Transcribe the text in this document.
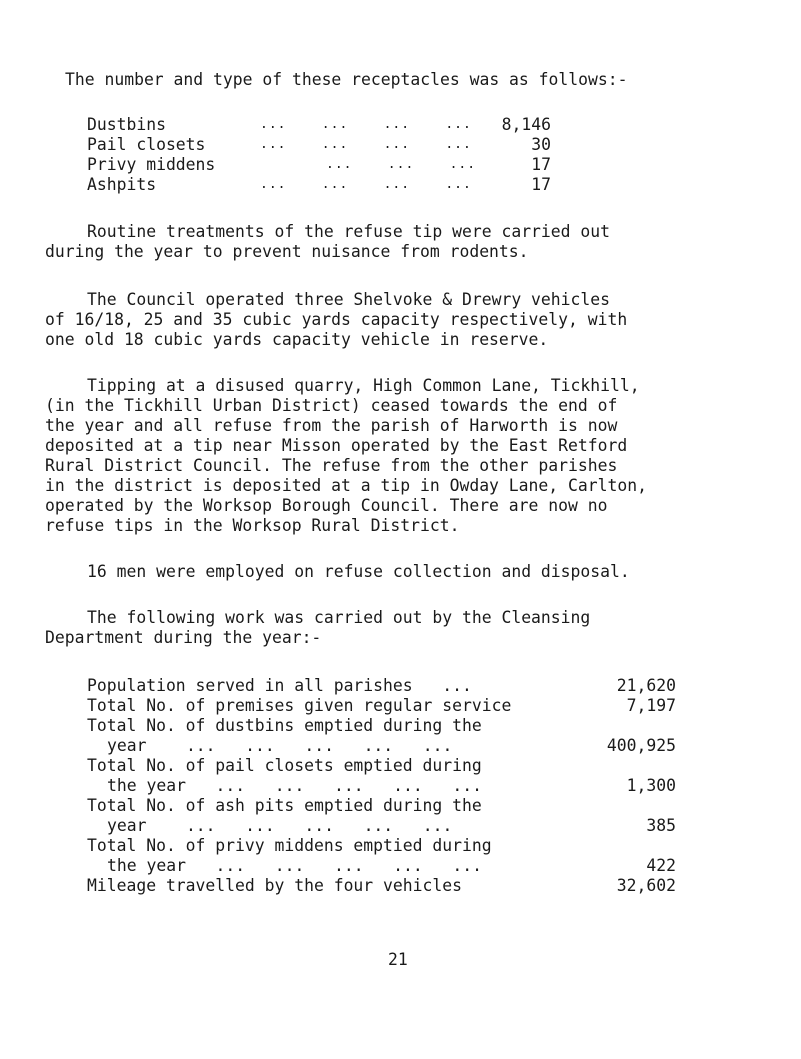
The number and type of these receptacles was as follows:-
Dustbins	...    ...    ...    ... 8,146
Pail closets	...    ...    ...    ...	30
Privy middens	...    ...    ...	17
Ashpits	...    ...    ...    ...	17
Routine treatments of the refuse tip were carried out
during the year to prevent nuisance from rodents.
The Council operated three Shelvoke & Drewry vehicles
of 16/18, 25 and 35 cubic yards capacity respectively, with
one old 18 cubic yards capacity vehicle in reserve.
Tipping at a disused quarry, High Common Lane, Tickhill,
(in the Tickhill Urban District) ceased towards the end of
the year and all refuse from the parish of Harworth is now
deposited at a tip near Misson operated by the East Retford
Rural District Council. The refuse from the other parishes
in the district is deposited at a tip in Owday Lane, Carlton,
operated by the Worksop Borough Council. There are now no
refuse tips in the Worksop Rural District.
16 men were employed on refuse collection and disposal.
The following work was carried out by the Cleansing
Department during the year:-
Population served in all parishes   ...	21,620
Total No. of premises given regular service	7,197
Total No. of dustbins emptied during the
year    ...   ...   ...   ...   ...	400,925
Total No. of pail closets emptied during
the year   ...   ...   ...   ...   ...	1,300
Total No. of ash pits emptied during the
year    ...   ...   ...   ...   ...	385
Total No. of privy middens emptied during
the year   ...   ...   ...   ...   ...	422
Mileage travelled by the four vehicles	32,602
21
